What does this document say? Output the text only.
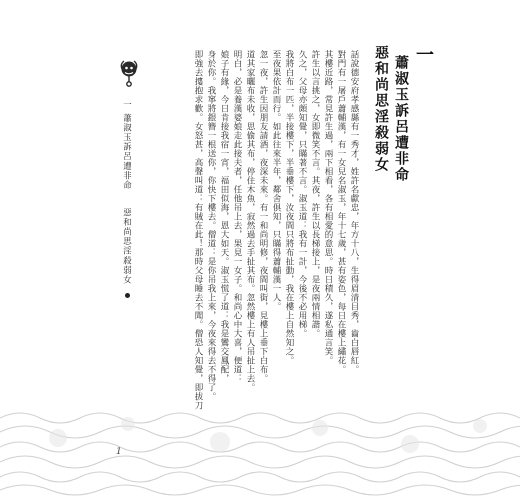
一 蕭淑玉訴呂遭非命  惡和尚思淫殺弱女	話說德安府孝感縣有一秀才，姓許名獻忠，年方十八，生得眉清目秀，齒白唇紅。
對門有一屠戶蕭輔漢，有一女兒名淑玉，年十七歲，甚有姿色，每日在樓上繡花。
其樓近路，常見許生過，兩下相看，各有相愛的意思。時日積久，遂私通言笑。
許生以言挑之，女即微笑不言。其夜，許生以長梯接上，是夜兩情相諧。
久之，父母亦頗知覺，只瞞著不言。淑玉道：我有一計，今後不必用梯。
我將白布一匹，半接樓下，半垂樓下，汝夜間只將布扯動，我在樓上自然知之。
至夜果依計而行。如此往來半年，鄰舍俱知，只瞞得蕭輔漢一人。
忽一夜，許生因朋友請酒，夜深未來。有一和尚明修，夜間叫街，見樓上垂下白布。
道其家曬布未收，思偷其布，停住木魚，寂然過去手扯其布。忽然樓上有人吊扯上去。
明白，必是養漢婆娘走此接夫者，任他吊上去，果見一女子。和尚心中大喜，便道：
娘子有緣，今日肯接我宿一宵，福田似海，恩大如天。淑玉慌了道：我是鸞交鳳配，
身於你。我寧將銀簪一根送你，你快下樓去。僧道：是你吊我上來，今夜來得去不得了。
即強去摟抱求歡。女怒甚，高聲叫道：有賊在此！那時父母睡去不聞。僧恐人知覺，即拔刀	一
蕭淑玉訴呂遭非命
惡和尚思淫殺弱女
1
